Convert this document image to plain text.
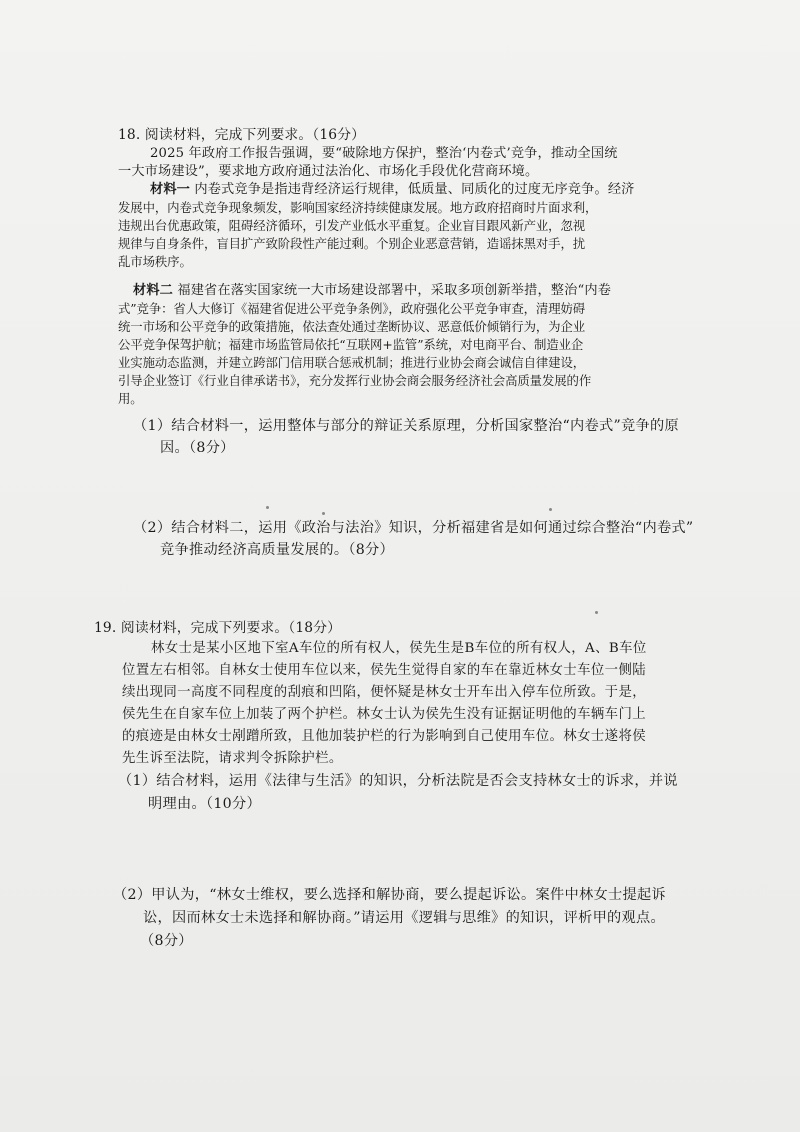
18. 阅读材料，完成下列要求。（16分）
2025 年政府工作报告强调，要“破除地方保护，整治‘内卷式’竞争，推动全国统
一大市场建设”，要求地方政府通过法治化、市场化手段优化营商环境。
材料一 内卷式竞争是指违背经济运行规律，低质量、同质化的过度无序竞争。经济
发展中，内卷式竞争现象频发，影响国家经济持续健康发展。地方政府招商时片面求利，
违规出台优惠政策，阻碍经济循环，引发产业低水平重复。企业盲目跟风新产业，忽视
规律与自身条件，盲目扩产致阶段性产能过剩。个别企业恶意营销，造谣抹黑对手，扰
乱市场秩序。
材料二 福建省在落实国家统一大市场建设部署中，采取多项创新举措，整治“内卷
式”竞争：省人大修订《福建省促进公平竞争条例》，政府强化公平竞争审查，清理妨碍
统一市场和公平竞争的政策措施，依法查处通过垄断协议、恶意低价倾销行为，为企业
公平竞争保驾护航；福建市场监管局依托“互联网+监管”系统，对电商平台、制造业企
业实施动态监测，并建立跨部门信用联合惩戒机制；推进行业协会商会诚信自律建设，
引导企业签订《行业自律承诺书》，充分发挥行业协会商会服务经济社会高质量发展的作
用。
（1）结合材料一，运用整体与部分的辩证关系原理，分析国家整治“内卷式”竞争的原
因。（8分）
（2）结合材料二，运用《政治与法治》知识，分析福建省是如何通过综合整治“内卷式”
竞争推动经济高质量发展的。（8分）
19. 阅读材料，完成下列要求。（18分）
林女士是某小区地下室A车位的所有权人，侯先生是B车位的所有权人，A、B车位
位置左右相邻。自林女士使用车位以来，侯先生觉得自家的车在靠近林女士车位一侧陆
续出现同一高度不同程度的刮痕和凹陷，便怀疑是林女士开车出入停车位所致。于是，
侯先生在自家车位上加装了两个护栏。林女士认为侯先生没有证据证明他的车辆车门上
的痕迹是由林女士剐蹭所致，且他加装护栏的行为影响到自己使用车位。林女士遂将侯
先生诉至法院，请求判令拆除护栏。
（1）结合材料，运用《法律与生活》的知识，分析法院是否会支持林女士的诉求，并说
明理由。（10分）
（2）甲认为，“林女士维权，要么选择和解协商，要么提起诉讼。案件中林女士提起诉
讼，因而林女士未选择和解协商。”请运用《逻辑与思维》的知识，评析甲的观点。
（8分）
